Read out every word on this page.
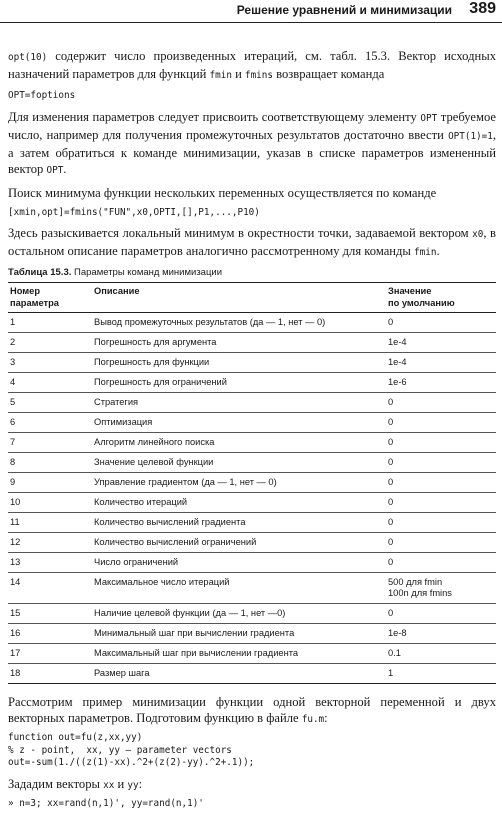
Решение уравнений и минимизации 389

opt(10) содержит число произведенных итераций, см. табл. 15.3. Вектор исходных назначений параметров для функций fmin и fmins возвращает команда

OPT=foptions

Для изменения параметров следует присвоить соответствующему элементу OPT требуемое число, например для получения промежуточных результатов достаточно ввести OPT(1)=1, а затем обратиться к команде минимизации, указав в списке параметров измененный вектор OPT.

Поиск минимума функции нескольких переменных осуществляется по команде

[xmin,opt]=fmins("FUN",x0,OPTI,[],P1,...,P10)

Здесь разыскивается локальный минимум в окрестности точки, задаваемой вектором x0, в остальном описание параметров аналогично рассмотренному для команды fmin.

Таблица 15.3. Параметры команд минимизации
Номер
параметра	Описание	Значение
по умолчанию
1	Вывод промежуточных результатов (да — 1, нет — 0)	0
2	Погрешность для аргумента	1e-4
3	Погрешность для функции	1e-4
4	Погрешность для ограничений	1e-6
5	Стратегия	0
6	Оптимизация	0
7	Алгоритм линейного поиска	0
8	Значение целевой функции	0
9	Управление градиентом (да — 1, нет — 0)	0
10	Количество итераций	0
11	Количество вычислений градиента	0
12	Количество вычислений ограничений	0
13	Число ограничений	0
14	Максимальное число итераций	500 для fmin
100n для fmins
15	Наличие целевой функции (да — 1, нет —0)	0
16	Минимальный шаг при вычислении градиента	1e-8
17	Максимальный шаг при вычислении градиента	0.1
18	Размер шага	1

Рассмотрим пример минимизации функции одной векторной переменной и двух векторных параметров. Подготовим функцию в файле fu.m:

function out=fu(z,xx,yy)
% z - point,  xx, yy – parameter vectors
out=-sum(1./((z(1)-xx).^2+(z(2)-yy).^2+.1));

Зададим векторы xx и yy:

» n=3; xx=rand(n,1)', yy=rand(n,1)'
